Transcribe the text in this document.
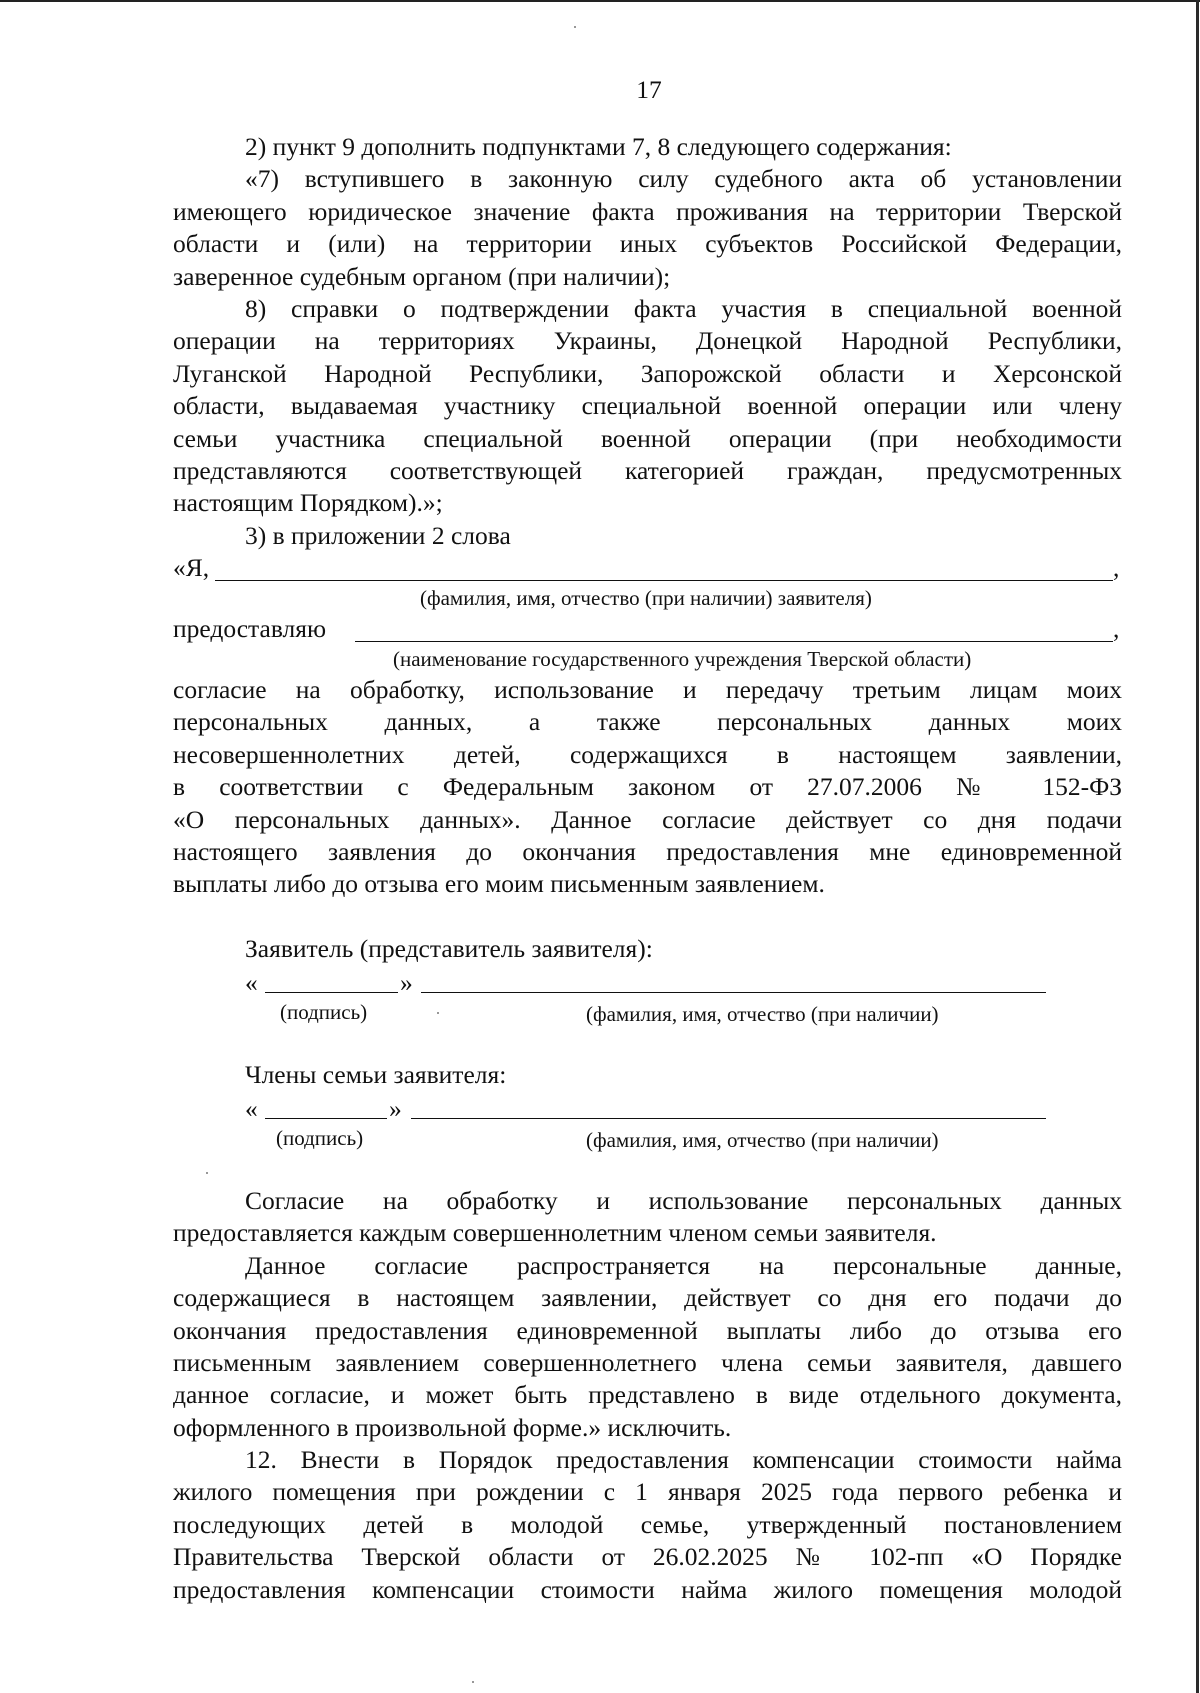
17
2) пункт 9 дополнить подпунктами 7, 8 следующего содержания:
«7) вступившего в законную силу судебного акта об установлении
имеющего юридическое значение факта проживания на территории Тверской
области и (или) на территории иных субъектов Российской Федерации,
заверенное судебным органом (при наличии);
8) справки о подтверждении факта участия в специальной военной
операции на территориях Украины, Донецкой Народной Республики,
Луганской Народной Республики, Запорожской области и Херсонской
области, выдаваемая участнику специальной военной операции или члену
семьи участника специальной военной операции (при необходимости
представляются соответствующей категорией граждан, предусмотренных
настоящим Порядком).»;
3) в приложении 2 слова
«Я,	,
(фамилия, имя, отчество (при наличии) заявителя)
предоставляю	,
(наименование государственного учреждения Тверской области)
согласие на обработку, использование и передачу третьим лицам моих
персональных данных, а также персональных данных моих
несовершеннолетних детей, содержащихся в настоящем заявлении,
в соответствии с Федеральным законом от 27.07.2006 № 152-ФЗ
«О персональных данных». Данное согласие действует со дня подачи
настоящего заявления до окончания предоставления мне единовременной
выплаты либо до отзыва его моим письменным заявлением.
Заявитель (представитель заявителя):
«	»
(подпись)	(фамилия, имя, отчество (при наличии)
Члены семьи заявителя:
«	»
(подпись)	(фамилия, имя, отчество (при наличии)
Согласие на обработку и использование персональных данных
предоставляется каждым совершеннолетним членом семьи заявителя.
Данное согласие распространяется на персональные данные,
содержащиеся в настоящем заявлении, действует со дня его подачи до
окончания предоставления единовременной выплаты либо до отзыва его
письменным заявлением совершеннолетнего члена семьи заявителя, давшего
данное согласие, и может быть представлено в виде отдельного документа,
оформленного в произвольной форме.» исключить.
12. Внести в Порядок предоставления компенсации стоимости найма
жилого помещения при рождении с 1 января 2025 года первого ребенка и
последующих детей в молодой семье, утвержденный постановлением
Правительства Тверской области от 26.02.2025 № 102-пп «О Порядке
предоставления компенсации стоимости найма жилого помещения молодой
